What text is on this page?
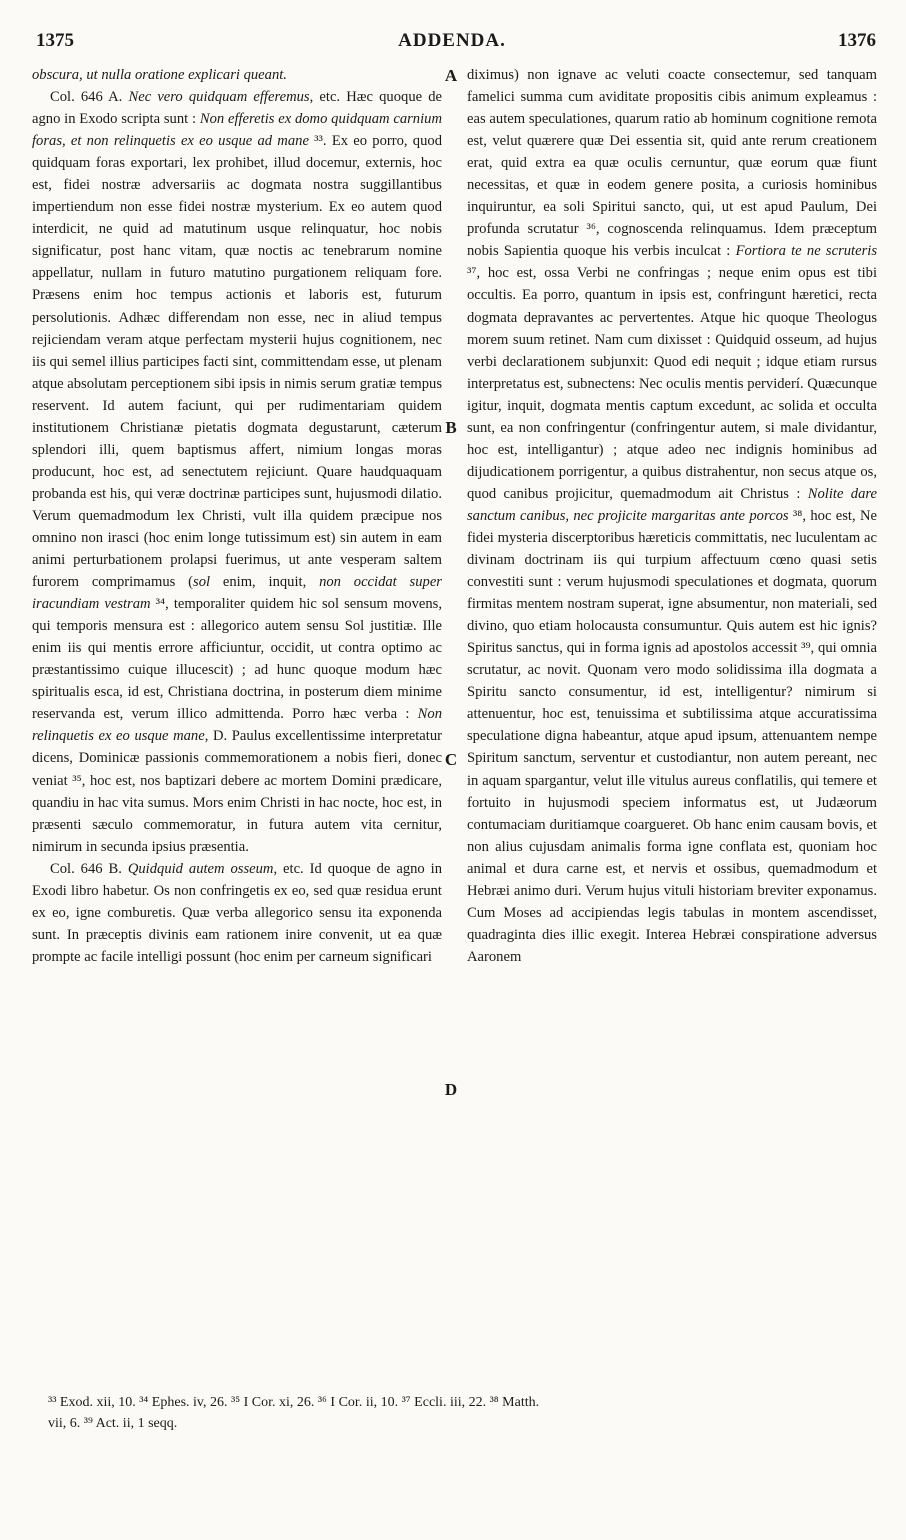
1375	ADDENDA.	1376
A
B
C
D

obscura, ut nulla oratione explicari queant.

Col. 646 A. Nec vero quidquam efferemus, etc. Hæc quoque de agno in Exodo scripta sunt : Non efferetis ex domo quidquam carnium foras, et non relinquetis ex eo usque ad mane ³³. Ex eo porro, quod quidquam foras exportari, lex prohibet, illud docemur, externis, hoc est, fidei nostræ adversariis ac dogmata nostra suggillantibus impertiendum non esse fidei nostræ mysterium. Ex eo autem quod interdicit, ne quid ad matutinum usque relinquatur, hoc nobis significatur, post hanc vitam, quæ noctis ac tenebrarum nomine appellatur, nullam in futuro matutino purgationem reliquam fore. Præsens enim hoc tempus actionis et laboris est, futurum persolutionis. Adhæc differendam non esse, nec in aliud tempus rejiciendam veram atque perfectam mysterii hujus cognitionem, nec iis qui semel illius participes facti sint, committendam esse, ut plenam atque absolutam perceptionem sibi ipsis in nimis serum gratiæ tempus reservent. Id autem faciunt, qui per rudimentariam quidem institutionem Christianæ pietatis dogmata degustarunt, cæterum splendori illi, quem baptismus affert, nimium longas moras producunt, hoc est, ad senectutem rejiciunt. Quare haudquaquam probanda est his, qui veræ doctrinæ participes sunt, hujusmodi dilatio. Verum quemadmodum lex Christi, vult illa quidem præcipue nos omnino non irasci (hoc enim longe tutissimum est) sin autem in eam animi perturbationem prolapsi fuerimus, ut ante vesperam saltem furorem comprimamus (sol enim, inquit, non occidat super iracundiam vestram ³⁴, temporaliter quidem hic sol sensum movens, qui temporis mensura est : allegorico autem sensu Sol justitiæ. Ille enim iis qui mentis errore afficiuntur, occidit, ut contra optimo ac præstantissimo cuique illucescit) ; ad hunc quoque modum hæc spiritualis esca, id est, Christiana doctrina, in posterum diem minime reservanda est, verum illico admittenda. Porro hæc verba : Non relinquetis ex eo usque mane, D. Paulus excellentissime interpretatur dicens, Dominicæ passionis commemorationem a nobis fieri, donec veniat ³⁵, hoc est, nos baptizari debere ac mortem Domini prædicare, quandiu in hac vita sumus. Mors enim Christi in hac nocte, hoc est, in præsenti sæculo commemoratur, in futura autem vita cernitur, nimirum in secunda ipsius præsentia.

Col. 646 B. Quidquid autem osseum, etc. Id quoque de agno in Exodi libro habetur. Os non confringetis ex eo, sed quæ residua erunt ex eo, igne comburetis. Quæ verba allegorico sensu ita exponenda sunt. In præceptis divinis eam rationem inire convenit, ut ea quæ prompte ac facile intelligi possunt (hoc enim per carneum significari

diximus) non ignave ac veluti coacte consectemur, sed tanquam famelici summa cum aviditate propositis cibis animum expleamus : eas autem speculationes, quarum ratio ab hominum cognitione remota est, velut quærere quæ Dei essentia sit, quid ante rerum creationem erat, quid extra ea quæ oculis cernuntur, quæ eorum quæ fiunt necessitas, et quæ in eodem genere posita, a curiosis hominibus inquiruntur, ea soli Spiritui sancto, qui, ut est apud Paulum, Dei profunda scrutatur ³⁶, cognoscenda relinquamus. Idem præceptum nobis Sapientia quoque his verbis inculcat : Fortiora te ne scruteris ³⁷, hoc est, ossa Verbi ne confringas ; neque enim opus est tibi occultis. Ea porro, quantum in ipsis est, confringunt hæretici, recta dogmata depravantes ac pervertentes. Atque hic quoque Theologus morem suum retinet. Nam cum dixisset : Quidquid osseum, ad hujus verbi declarationem subjunxit: Quod edi nequit ; idque etiam rursus interpretatus est, subnectens: Nec oculis mentis perviderí. Quæcunque igitur, inquit, dogmata mentis captum excedunt, ac solida et occulta sunt, ea non confringentur (confringentur autem, si male dividantur, hoc est, intelligantur) ; atque adeo nec indignis hominibus ad dijudicationem porrigentur, a quibus distrahentur, non secus atque os, quod canibus projicitur, quemadmodum ait Christus : Nolite dare sanctum canibus, nec projicite margaritas ante porcos ³⁸, hoc est, Ne fidei mysteria discerptoribus hæreticis committatis, nec luculentam ac divinam doctrinam iis qui turpium affectuum cœno quasi setis convestiti sunt : verum hujusmodi speculationes et dogmata, quorum firmitas mentem nostram superat, igne absumentur, non materiali, sed divino, quo etiam holocausta consumuntur. Quis autem est hic ignis? Spiritus sanctus, qui in forma ignis ad apostolos accessit ³⁹, qui omnia scrutatur, ac novit. Quonam vero modo solidissima illa dogmata a Spiritu sancto consumentur, id est, intelligentur? nimirum si attenuentur, hoc est, tenuissima et subtilissima atque accuratissima speculatione digna habeantur, atque apud ipsum, attenuantem nempe Spiritum sanctum, serventur et custodiantur, non autem pereant, nec in aquam spargantur, velut ille vitulus aureus conflatilis, qui temere et fortuito in hujusmodi speciem informatus est, ut Judæorum contumaciam duritiamque coargueret. Ob hanc enim causam bovis, et non alius cujusdam animalis forma igne conflata est, quoniam hoc animal et dura carne est, et nervis et ossibus, quemadmodum et Hebræi animo duri. Verum hujus vituli historiam breviter exponamus. Cum Moses ad accipiendas legis tabulas in montem ascendisset, quadraginta dies illic exegit. Interea Hebræi conspiratione adversus Aaronem

³³ Exod. xii, 10. ³⁴ Ephes. iv, 26. ³⁵ I Cor. xi, 26. ³⁶ I Cor. ii, 10. ³⁷ Eccli. iii, 22. ³⁸ Matth.
vii, 6. ³⁹ Act. ii, 1 seqq.
